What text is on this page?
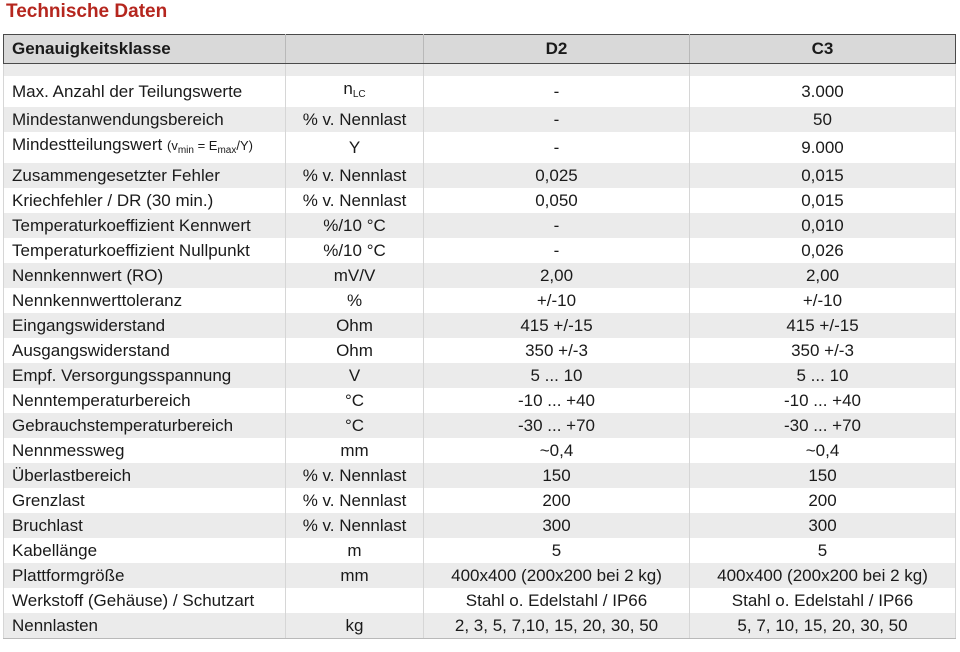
Technische Daten
Genauigkeitsklasse		D2	C3

Max. Anzahl der Teilungswerte	$n_{LC}$	-	3.000
Mindestanwendungsbereich	% v. Nennlast	-	50
Mindestteilungswert $(v_{min} = E_{max}/Y)$	Y	-	9.000
Zusammengesetzter Fehler	% v. Nennlast	0,025	0,015
Kriechfehler / DR (30 min.)	% v. Nennlast	0,050	0,015
Temperaturkoeffizient Kennwert	%/10 °C	-	0,010
Temperaturkoeffizient Nullpunkt	%/10 °C	-	0,026
Nennkennwert (RO)	mV/V	2,00	2,00
Nennkennwerttoleranz	%	+/-10	+/-10
Eingangswiderstand	Ohm	415 +/-15	415 +/-15
Ausgangswiderstand	Ohm	350 +/-3	350 +/-3
Empf. Versorgungsspannung	V	5 ... 10	5 ... 10
Nenntemperaturbereich	°C	-10 ... +40	-10 ... +40
Gebrauchstemperaturbereich	°C	-30 ... +70	-30 ... +70
Nennmessweg	mm	~0,4	~0,4
Überlastbereich	% v. Nennlast	150	150
Grenzlast	% v. Nennlast	200	200
Bruchlast	% v. Nennlast	300	300
Kabellänge	m	5	5
Plattformgröße	mm	400x400 (200x200 bei 2 kg)	400x400 (200x200 bei 2 kg)
Werkstoff (Gehäuse) / Schutzart		Stahl o. Edelstahl / IP66	Stahl o. Edelstahl / IP66
Nennlasten	kg	2, 3, 5, 7,10, 15, 20, 30, 50	5, 7, 10, 15, 20, 30, 50
